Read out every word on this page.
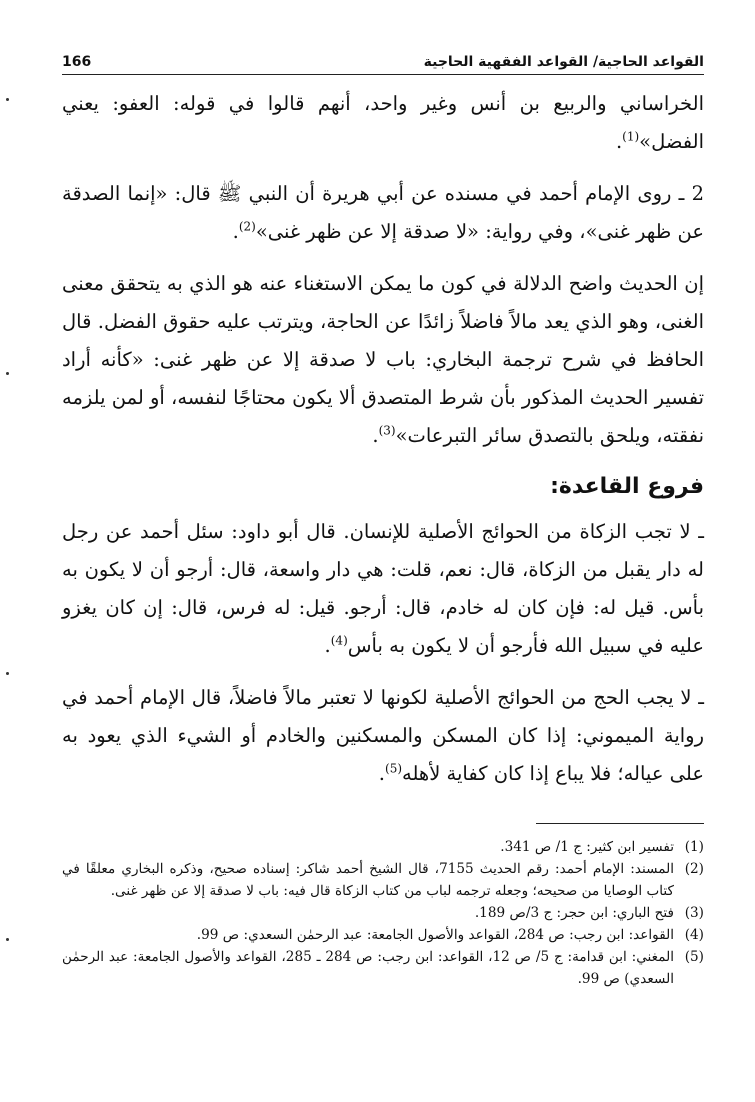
القواعد الحاجية/ القواعد الفقهية الحاجية
166

الخراساني والربيع بن أنس وغير واحد، أنهم قالوا في قوله: العفو: يعني الفضل»$^{(1)}$.

2 ـ روى الإمام أحمد في مسنده عن أبي هريرة أن النبي ﷺ قال: «إنما الصدقة عن ظهر غنى»، وفي رواية: «لا صدقة إلا عن ظهر غنى»$^{(2)}$.

إن الحديث واضح الدلالة في كون ما يمكن الاستغناء عنه هو الذي به يتحقق معنى الغنى، وهو الذي يعد مالاً فاضلاً زائدًا عن الحاجة، ويترتب عليه حقوق الفضل. قال الحافظ في شرح ترجمة البخاري: باب لا صدقة إلا عن ظهر غنى: «كأنه أراد تفسير الحديث المذكور بأن شرط المتصدق ألا يكون محتاجًا لنفسه، أو لمن يلزمه نفقته، ويلحق بالتصدق سائر التبرعات»$^{(3)}$.

فروع القاعدة:

ـ لا تجب الزكاة من الحوائج الأصلية للإنسان. قال أبو داود: سئل أحمد عن رجل له دار يقبل من الزكاة، قال: نعم، قلت: هي دار واسعة، قال: أرجو أن لا يكون به بأس. قيل له: فإن كان له خادم، قال: أرجو. قيل: له فرس، قال: إن كان يغزو عليه في سبيل الله فأرجو أن لا يكون به بأس$^{(4)}$.

ـ لا يجب الحج من الحوائج الأصلية لكونها لا تعتبر مالاً فاضلاً، قال الإمام أحمد في رواية الميموني: إذا كان المسكن والمسكنين والخادم أو الشيء الذي يعود به على عياله؛ فلا يباع إذا كان كفاية لأهله$^{(5)}$.

(1)
تفسير ابن كثير: ج 1/ ص 341.
(2)
المسند: الإمام أحمد: رقم الحديث 7155، قال الشيخ أحمد شاكر: إسناده صحيح، وذكره البخاري معلقًا في كتاب الوصايا من صحيحه؛ وجعله ترجمه لباب من كتاب الزكاة قال فيه: باب لا صدقة إلا عن ظهر غنى.
(3)
فتح الباري: ابن حجر: ج 3/ص 189.
(4)
القواعد: ابن رجب: ص 284، القواعد والأصول الجامعة: عبد الرحمٰن السعدي: ص 99.
(5)
المغني: ابن قدامة: ج 5/ ص 12، القواعد: ابن رجب: ص 284 ـ 285، القواعد والأصول الجامعة: عبد الرحمٰن السعدي) ص 99.
